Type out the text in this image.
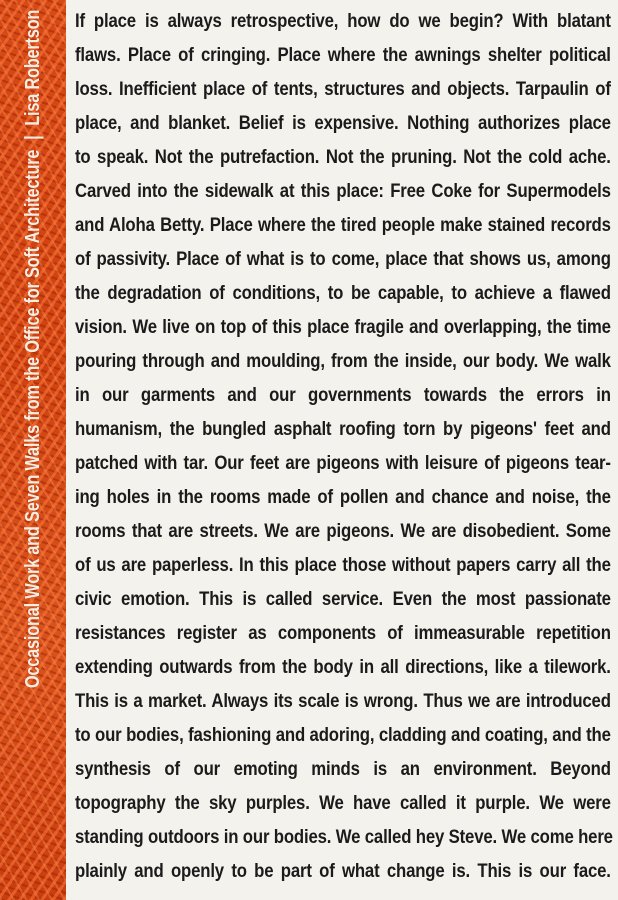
Occasional Work and Seven Walks from the Office for Soft Architecture|Lisa Robertson If place is always retrospective, how do we begin? With blatant
flaws. Place of cringing. Place where the awnings shelter political
loss. Inefficient place of tents, structures and objects. Tarpaulin of
place, and blanket. Belief is expensive. Nothing authorizes place
to speak. Not the putrefaction. Not the pruning. Not the cold ache.
Carved into the sidewalk at this place: Free Coke for Supermodels
and Aloha Betty. Place where the tired people make stained records
of passivity. Place of what is to come, place that shows us, among
the degradation of conditions, to be capable, to achieve a flawed
vision. We live on top of this place fragile and overlapping, the time
pouring through and moulding, from the inside, our body. We walk
in our garments and our governments towards the errors in
humanism, the bungled asphalt roofing torn by pigeons' feet and
patched with tar. Our feet are pigeons with leisure of pigeons tear-
ing holes in the rooms made of pollen and chance and noise, the
rooms that are streets. We are pigeons. We are disobedient. Some
of us are paperless. In this place those without papers carry all the
civic emotion. This is called service. Even the most passionate
resistances register as components of immeasurable repetition
extending outwards from the body in all directions, like a tilework.
This is a market. Always its scale is wrong. Thus we are introduced
to our bodies, fashioning and adoring, cladding and coating, and the
synthesis of our emoting minds is an environment. Beyond
topography the sky purples. We have called it purple. We were
standing outdoors in our bodies. We called hey Steve. We come here
plainly and openly to be part of what change is. This is our face.
